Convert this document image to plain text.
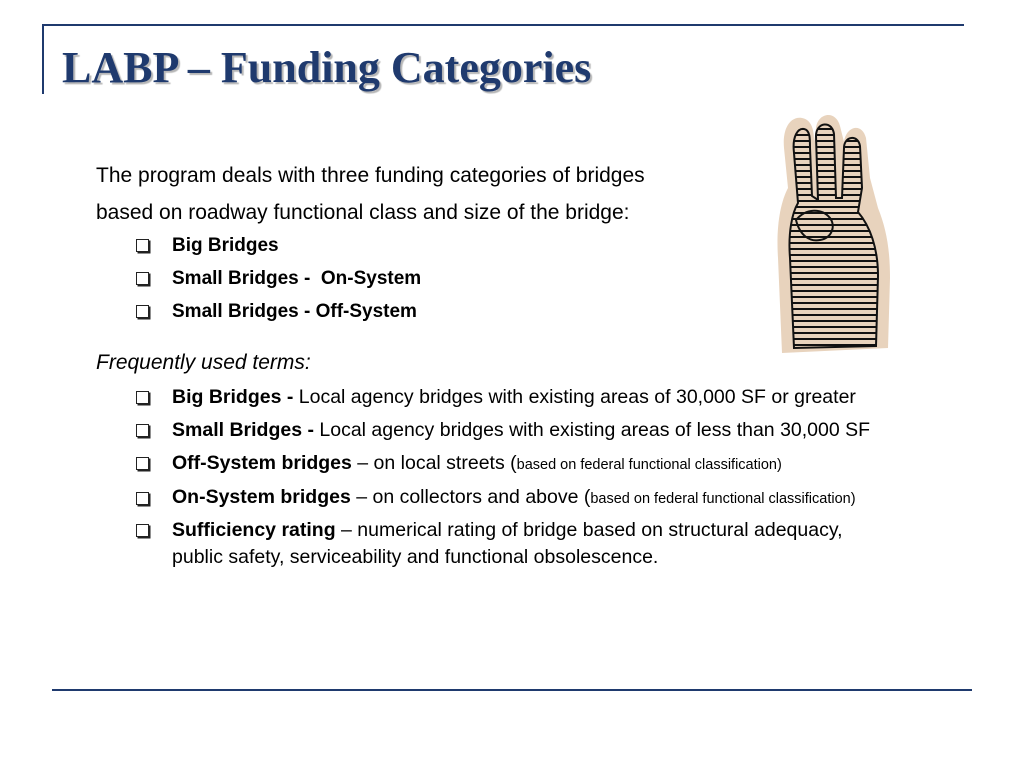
LABP – Funding Categories
The program deals with three funding categories of bridges
based on roadway functional class and size of the bridge:
Big Bridges
Small Bridges -  On-System
Small Bridges - Off-System
Frequently used terms:
Big Bridges - Local agency bridges with existing areas of 30,000 SF or greater
Small Bridges - Local agency bridges with existing areas of less than 30,000 SF
Off-System bridges – on local streets (based on federal functional classification)
On-System bridges – on collectors and above (based on federal functional classification)
Sufficiency rating – numerical rating of bridge based on structural adequacy, public safety, serviceability and functional obsolescence.
